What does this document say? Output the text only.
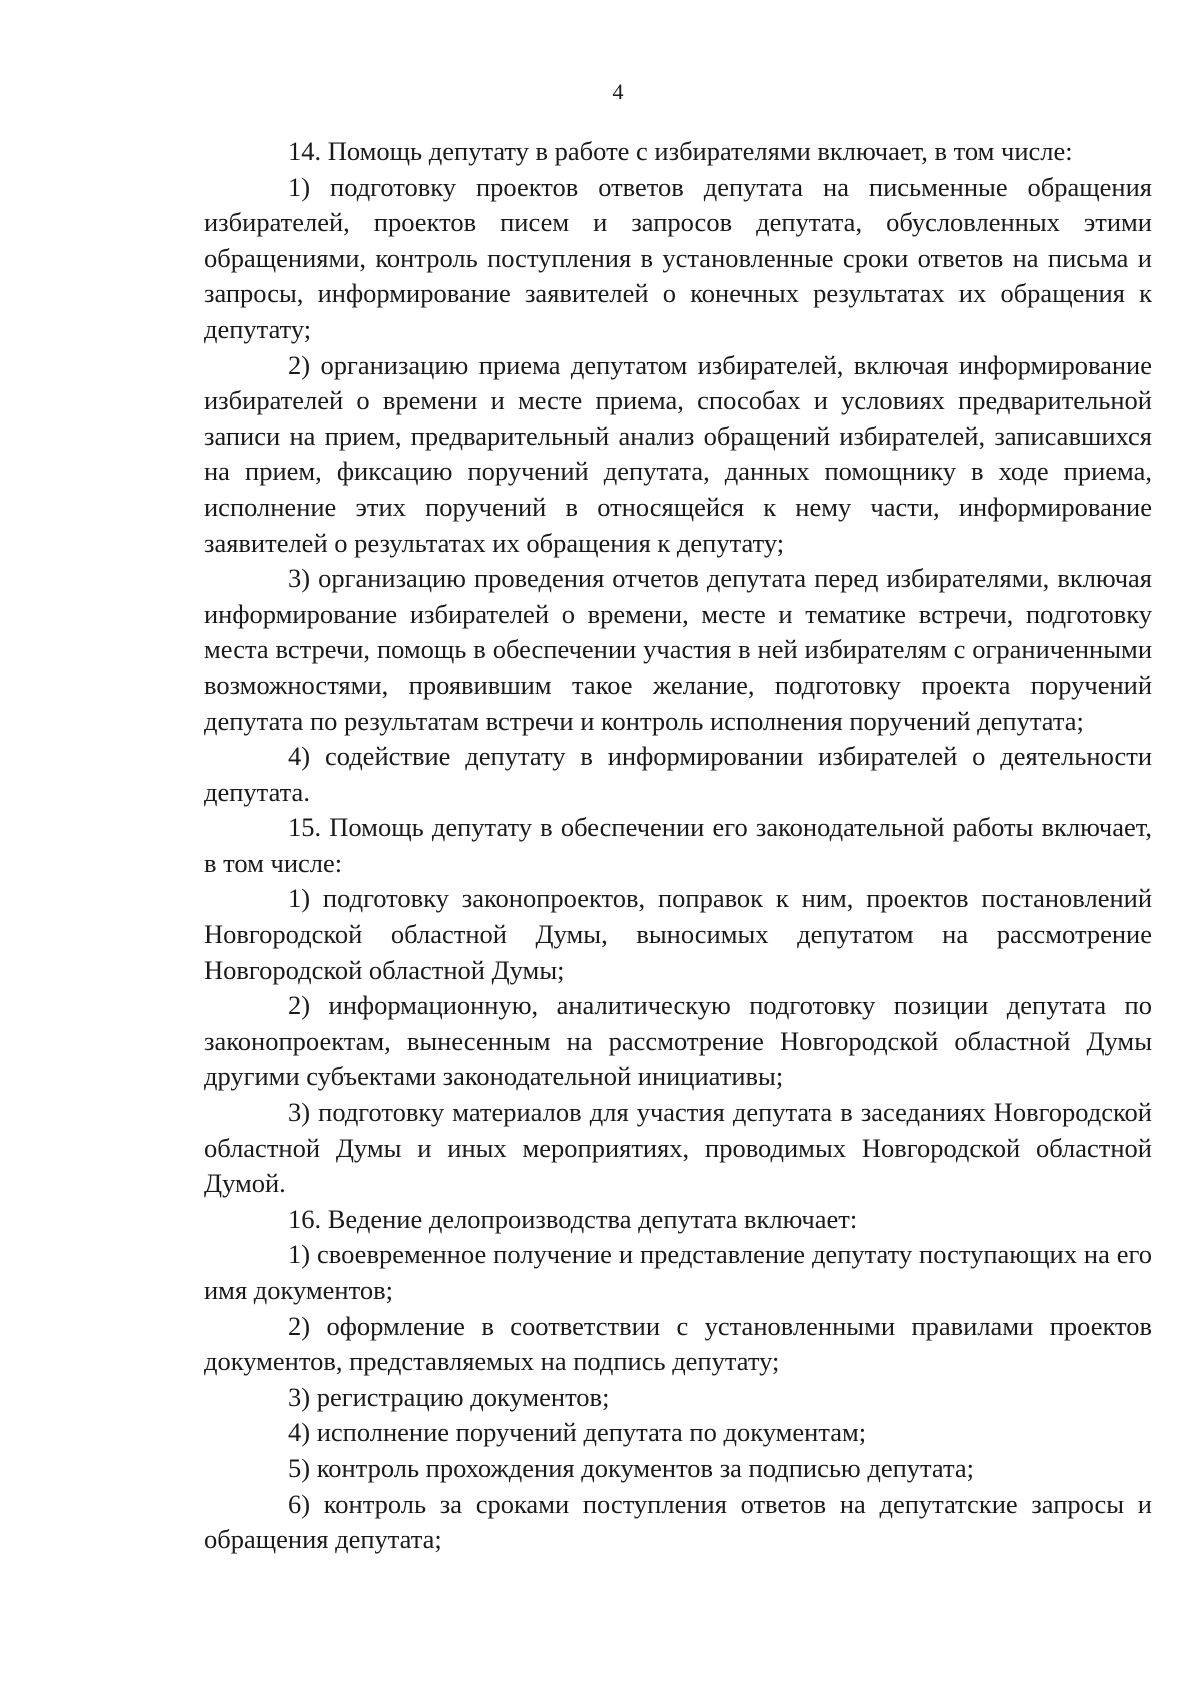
4

14. Помощь депутату в работе с избирателями включает, в том числе:

1) подготовку проектов ответов депутата на письменные обращения избирателей, проектов писем и запросов депутата, обусловленных этими обращениями, контроль поступления в установленные сроки ответов на письма и запросы, информирование заявителей о конечных результатах их обращения к депутату;

2) организацию приема депутатом избирателей, включая информирование избирателей о времени и месте приема, способах и условиях предварительной записи на прием, предварительный анализ обращений избирателей, записавшихся на прием, фиксацию поручений депутата, данных помощнику в ходе приема, исполнение этих поручений в относящейся к нему части, информирование заявителей о результатах их обращения к депутату;

3) организацию проведения отчетов депутата перед избирателями, включая информирование избирателей о времени, месте и тематике встречи, подготовку места встречи, помощь в обеспечении участия в ней избирателям с ограниченными возможностями, проявившим такое желание, подготовку проекта поручений депутата по результатам встречи и контроль исполнения поручений депутата;

4) содействие депутату в информировании избирателей о деятельности депутата.

15. Помощь депутату в обеспечении его законодательной работы включает, в том числе:

1) подготовку законопроектов, поправок к ним, проектов постановлений Новгородской областной Думы, выносимых депутатом на рассмотрение Новгородской областной Думы;

2) информационную, аналитическую подготовку позиции депутата по законопроектам, вынесенным на рассмотрение Новгородской областной Думы другими субъектами законодательной инициативы;

3) подготовку материалов для участия депутата в заседаниях Новгородской областной Думы и иных мероприятиях, проводимых Новгородской областной Думой.

16. Ведение делопроизводства депутата включает:

1) своевременное получение и представление депутату поступающих на его имя документов;

2) оформление в соответствии с установленными правилами проектов документов, представляемых на подпись депутату;

3) регистрацию документов;

4) исполнение поручений депутата по документам;

5) контроль прохождения документов за подписью депутата;

6) контроль за сроками поступления ответов на депутатские запросы и обращения депутата;
